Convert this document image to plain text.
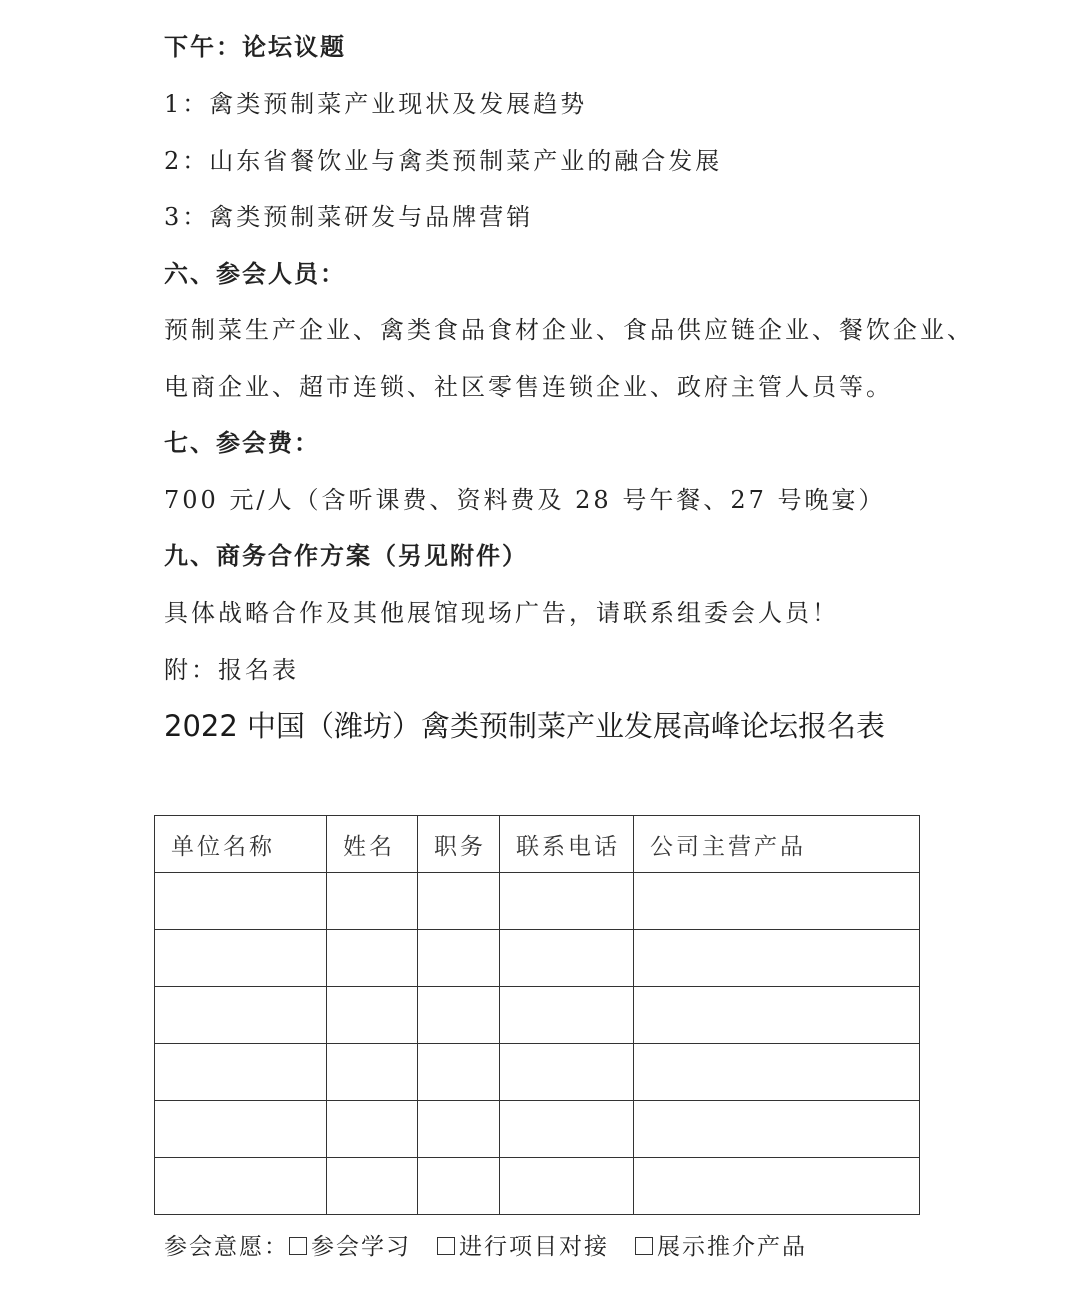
下午：论坛议题
1：禽类预制菜产业现状及发展趋势
2：山东省餐饮业与禽类预制菜产业的融合发展
3：禽类预制菜研发与品牌营销
六、参会人员：
预制菜生产企业、禽类食品食材企业、食品供应链企业、餐饮企业、
电商企业、超市连锁、社区零售连锁企业、政府主管人员等。
七、参会费：
700 元/人（含听课费、资料费及 28 号午餐、27 号晚宴）
九、商务合作方案（另见附件）
具体战略合作及其他展馆现场广告，请联系组委会人员！
附：报名表
2022 中国（潍坊）禽类预制菜产业发展高峰论坛报名表
单位名称	姓名	职务	联系电话	公司主营产品

参会意愿： 参会学习 进行项目对接 展示推介产品
